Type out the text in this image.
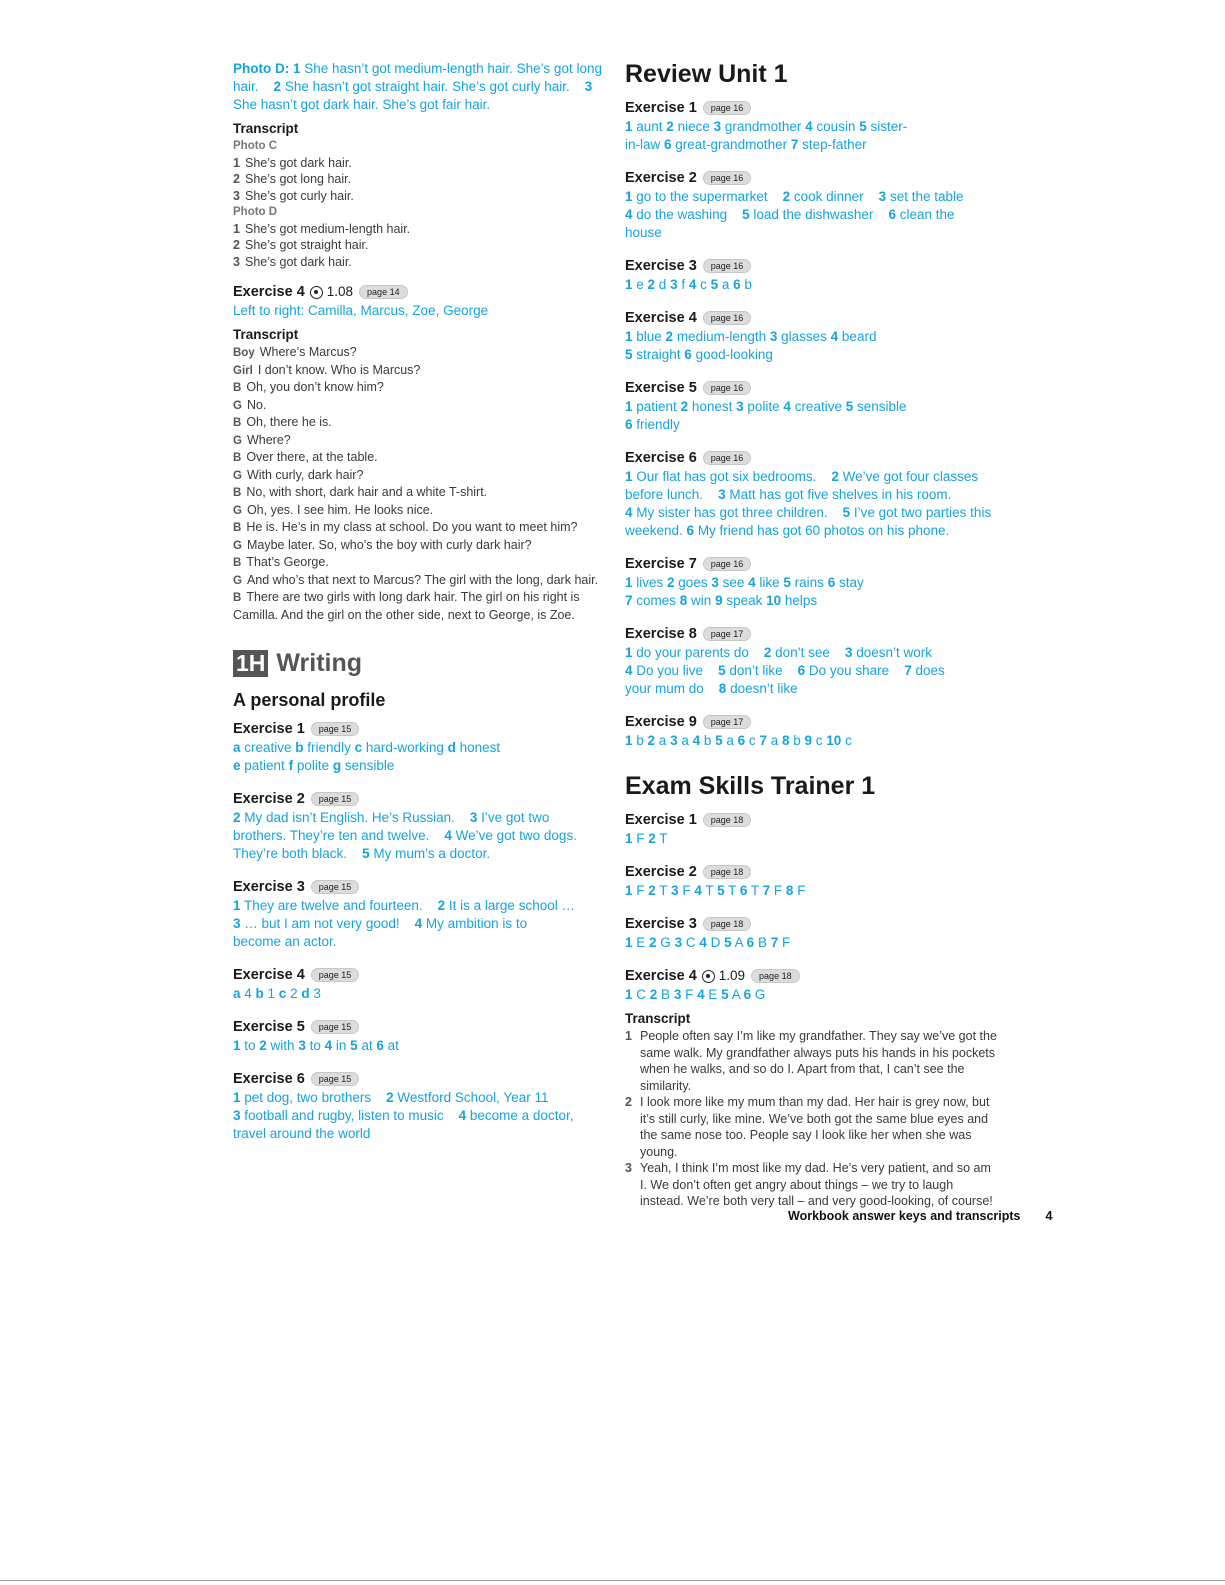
Photo D: 1 She hasn’t got medium-length hair. She’s got long hair.    2 She hasn’t got straight hair. She’s got curly hair.    3 She hasn’t got dark hair. She’s got fair hair.
Transcript
Photo C
1 She’s got dark hair.
2 She’s got long hair.
3 She’s got curly hair.
Photo D
1 She’s got medium-length hair.
2 She’s got straight hair.
3 She’s got dark hair.
Exercise 4 1.08	page 14
Left to right: Camilla, Marcus, Zoe, George
Transcript
Boy Where’s Marcus?
Girl I don’t know. Who is Marcus?
B Oh, you don’t know him?
G No.
B Oh, there he is.
G Where?
B Over there, at the table.
G With curly, dark hair?
B No, with short, dark hair and a white T-shirt.
G Oh, yes. I see him. He looks nice.
B He is. He’s in my class at school. Do you want to meet him?
G Maybe later. So, who’s the boy with curly dark hair?
B That’s George.
G And who’s that next to Marcus? The girl with the long, dark hair.
B There are two girls with long dark hair. The girl on his right is Camilla. And the girl on the other side, next to George, is Zoe.
1H Writing
A personal profile
Exercise 1	page 15
a creative b friendly c hard-working d honest
e patient f polite g sensible
Exercise 2	page 15
2 My dad isn’t English. He’s Russian.    3 I’ve got two
brothers. They’re ten and twelve.    4 We’ve got two dogs.
They’re both black.    5 My mum’s a doctor.
Exercise 3	page 15
1 They are twelve and fourteen.    2 It is a large school …
3 … but I am not very good!    4 My ambition is to
become an actor.
Exercise 4	page 15
a 4 b 1 c 2 d 3
Exercise 5	page 15
1 to 2 with 3 to 4 in 5 at 6 at
Exercise 6	page 15
1 pet dog, two brothers    2 Westford School, Year 11
3 football and rugby, listen to music    4 become a doctor,
travel around the world
Review Unit 1
Exercise 1	page 16
1 aunt 2 niece 3 grandmother 4 cousin 5 sister-
in-law 6 great-grandmother 7 step-father
Exercise 2	page 16
1 go to the supermarket    2 cook dinner    3 set the table
4 do the washing    5 load the dishwasher    6 clean the
house
Exercise 3	page 16
1 e 2 d 3 f 4 c 5 a 6 b
Exercise 4	page 16
1 blue 2 medium-length 3 glasses 4 beard
5 straight 6 good-looking
Exercise 5	page 16
1 patient 2 honest 3 polite 4 creative 5 sensible
6 friendly
Exercise 6	page 16
1 Our flat has got six bedrooms.    2 We’ve got four classes
before lunch.    3 Matt has got five shelves in his room.
4 My sister has got three children.    5 I’ve got two parties this
weekend. 6 My friend has got 60 photos on his phone.
Exercise 7	page 16
1 lives 2 goes 3 see 4 like 5 rains 6 stay
7 comes 8 win 9 speak 10 helps
Exercise 8	page 17
1 do your parents do    2 don’t see    3 doesn’t work
4 Do you live    5 don’t like    6 Do you share    7 does
your mum do    8 doesn’t like
Exercise 9	page 17
1 b 2 a 3 a 4 b 5 a 6 c 7 a 8 b 9 c 10 c
Exam Skills Trainer 1
Exercise 1	page 18
1 F 2 T
Exercise 2	page 18
1 F 2 T 3 F 4 T 5 T 6 T 7 F 8 F
Exercise 3	page 18
1 E 2 G 3 C 4 D 5 A 6 B 7 F
Exercise 4 1.09	page 18
1 C 2 B 3 F 4 E 5 A 6 G
Transcript
1 People often say I’m like my grandfather. They say we’ve got the same walk. My grandfather always puts his hands in his pockets when he walks, and so do I. Apart from that, I can’t see the similarity.
2 I look more like my mum than my dad. Her hair is grey now, but it’s still curly, like mine. We’ve both got the same blue eyes and the same nose too. People say I look like her when she was young.
3 Yeah, I think I’m most like my dad. He’s very patient, and so am I. We don’t often get angry about things – we try to laugh instead. We’re both very tall – and very good-looking, of course!
Workbook answer keys and transcripts 4
